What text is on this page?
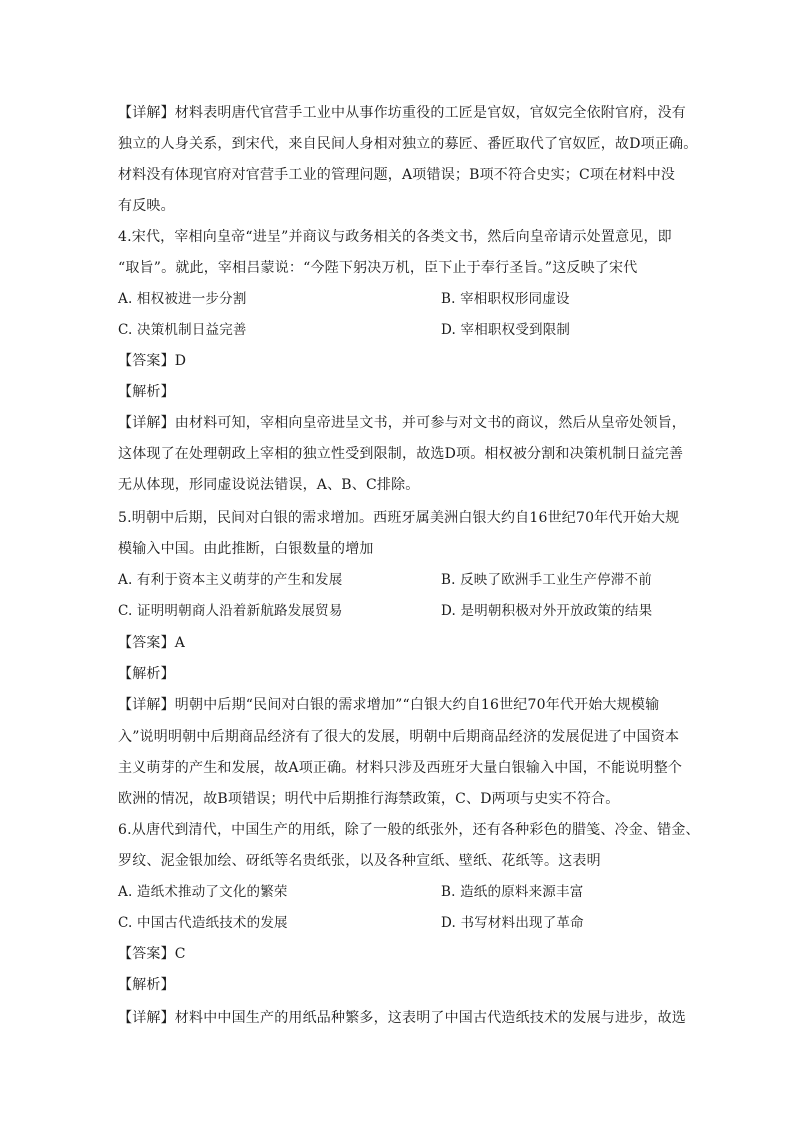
【详解】材料表明唐代官营手工业中从事作坊重役的工匠是官奴，官奴完全依附官府，没有
独立的人身关系，到宋代，来自民间人身相对独立的募匠、番匠取代了官奴匠，故D项正确。
材料没有体现官府对官营手工业的管理问题，A项错误；B项不符合史实；C项在材料中没
有反映。
4.宋代，宰相向皇帝“进呈”并商议与政务相关的各类文书，然后向皇帝请示处置意见，即
“取旨”。就此，宰相吕蒙说：“今陛下躬决万机，臣下止于奉行圣旨。”这反映了宋代
A. 相权被进一步分割	B. 宰相职权形同虚设
C. 决策机制日益完善	D. 宰相职权受到限制
【答案】D
【解析】
【详解】由材料可知，宰相向皇帝进呈文书，并可参与对文书的商议，然后从皇帝处领旨，
这体现了在处理朝政上宰相的独立性受到限制，故选D项。相权被分割和决策机制日益完善
无从体现，形同虚设说法错误，A、B、C排除。
5.明朝中后期，民间对白银的需求增加。西班牙属美洲白银大约自16世纪70年代开始大规
模输入中国。由此推断，白银数量的增加
A. 有利于资本主义萌芽的产生和发展	B. 反映了欧洲手工业生产停滞不前
C. 证明明朝商人沿着新航路发展贸易	D. 是明朝积极对外开放政策的结果
【答案】A
【解析】
【详解】明朝中后期“民间对白银的需求增加”“白银大约自16世纪70年代开始大规模输
入”说明明朝中后期商品经济有了很大的发展，明朝中后期商品经济的发展促进了中国资本
主义萌芽的产生和发展，故A项正确。材料只涉及西班牙大量白银输入中国，不能说明整个
欧洲的情况，故B项错误；明代中后期推行海禁政策，C、D两项与史实不符合。
6.从唐代到清代，中国生产的用纸，除了一般的纸张外，还有各种彩色的腊笺、冷金、错金、
罗纹、泥金银加绘、砑纸等名贵纸张，以及各种宣纸、壁纸、花纸等。这表明
A. 造纸术推动了文化的繁荣	B. 造纸的原料来源丰富
C. 中国古代造纸技术的发展	D. 书写材料出现了革命
【答案】C
【解析】
【详解】材料中中国生产的用纸品种繁多，这表明了中国古代造纸技术的发展与进步，故选
